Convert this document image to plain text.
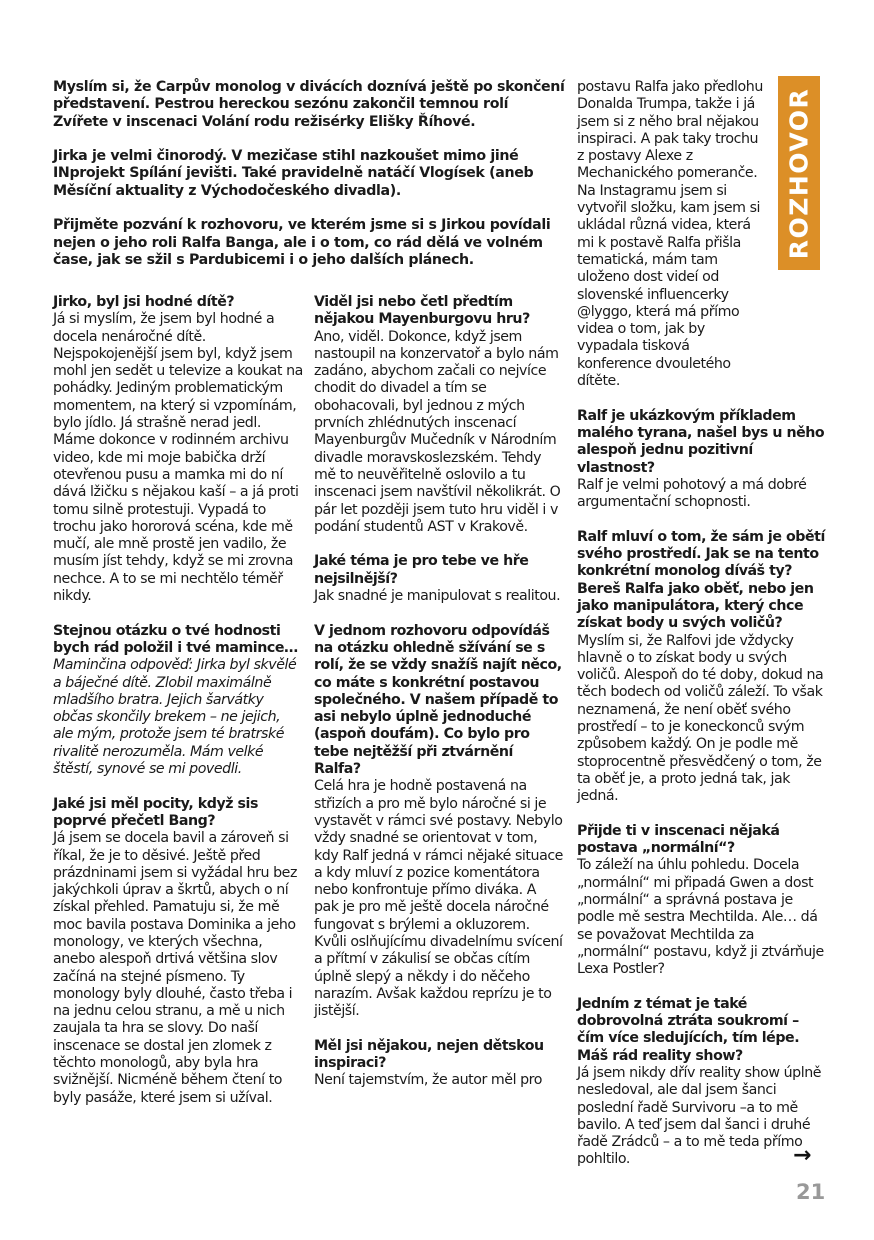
ROZHOVOR

Myslím si, že Carpův monolog v divácích doznívá ještě po skončení představení. Pestrou hereckou sezónu zakončil temnou rolí Zvířete v inscenaci Volání rodu režisérky Elišky Říhové.

Jirka je velmi činorodý. V mezičase stihl nazkoušet mimo jiné INprojekt Spílání jevišti. Také pravidelně natáčí Vlogísek (aneb Měsíční aktuality z Východočeského divadla).

Přijměte pozvání k rozhovoru, ve kterém jsme si s Jirkou povídali nejen o jeho roli Ralfa Banga, ale i o tom, co rád dělá ve volném čase, jak se sžil s Pardubicemi i o jeho dalších plánech.

Jirko, byl jsi hodné dítě?

Já si myslím, že jsem byl hodné a docela nenáročné dítě. Nejspokojenější jsem byl, když jsem mohl jen sedět u televize a koukat na pohádky. Jediným problematickým momentem, na který si vzpomínám, bylo jídlo. Já strašně nerad jedl. Máme dokonce v rodinném archivu video, kde mi moje babička drží otevřenou pusu a mamka mi do ní dává lžičku s nějakou kaší – a já proti tomu silně protestuji. Vypadá to trochu jako hororová scéna, kde mě mučí, ale mně prostě jen vadilo, že musím jíst tehdy, když se mi zrovna nechce. A to se mi nechtělo téměř nikdy.

Stejnou otázku o tvé hodnosti bych rád položil i tvé mamince…

Maminčina odpověď: Jirka byl skvělé a báječné dítě. Zlobil maximálně mladšího bratra. Jejich šarvátky občas skončily brekem – ne jejich, ale mým, protože jsem té bratrské rivalitě nerozuměla. Mám velké štěstí, synové se mi povedli.

Jaké jsi měl pocity, když sis poprvé přečetl Bang?

Já jsem se docela bavil a zároveň si říkal, že je to děsivé. Ještě před prázdninami jsem si vyžádal hru bez jakýchkoli úprav a škrtů, abych o ní získal přehled. Pamatuju si, že mě moc bavila postava Dominika a jeho monology, ve kterých všechna, anebo alespoň drtivá většina slov začíná na stejné písmeno. Ty monology byly dlouhé, často třeba i na jednu celou stranu, a mě u nich zaujala ta hra se slovy. Do naší inscenace se dostal jen zlomek z těchto monologů, aby byla hra svižnější. Nicméně během čtení to byly pasáže, které jsem si užíval.

Viděl jsi nebo četl předtím nějakou Mayenburgovu hru?

Ano, viděl. Dokonce, když jsem nastoupil na konzervatoř a bylo nám zadáno, abychom začali co nejvíce chodit do divadel a tím se obohacovali, byl jednou z mých prvních zhlédnutých inscenací Mayenburgův Mučedník v Národním divadle moravskoslezském. Tehdy mě to neuvěřitelně oslovilo a tu inscenaci jsem navštívil několikrát. O pár let později jsem tuto hru viděl i v podání studentů AST v Krakově.

Jaké téma je pro tebe ve hře nejsilnější?

Jak snadné je manipulovat s realitou.

V jednom rozhovoru odpovídáš na otázku ohledně sžívání se s rolí, že se vždy snažíš najít něco, co máte s konkrétní postavou společného. V našem případě to asi nebylo úplně jednoduché (aspoň doufám). Co bylo pro tebe nejtěžší při ztvárnění Ralfa?

Celá hra je hodně postavená na střizích a pro mě bylo náročné si je vystavět v rámci své postavy. Nebylo vždy snadné se orientovat v tom, kdy Ralf jedná v rámci nějaké situace a kdy mluví z pozice komentátora nebo konfrontuje přímo diváka. A pak je pro mě ještě docela náročné fungovat s brýlemi a okluzorem. Kvůli oslňujícímu divadelnímu svícení a přítmí v zákulisí se občas cítím úplně slepý a někdy i do něčeho narazím. Avšak každou reprízu je to jistější.

Měl jsi nějakou, nejen dětskou inspiraci?

Není tajemstvím, že autor měl pro

postavu Ralfa jako předlohu Donalda Trumpa, takže i já jsem si z něho bral nějakou inspiraci. A pak taky trochu z postavy Alexe z Mechanického pomeranče. Na Instagramu jsem si vytvořil složku, kam jsem si ukládal různá videa, která mi k postavě Ralfa přišla tematická, mám tam uloženo dost videí od slovenské influencerky @lyggo, která má přímo videa o tom, jak by vypadala tisková konference dvouletého dítěte.

Ralf je ukázkovým příkladem malého tyrana, našel bys u něho alespoň jednu pozitivní vlastnost?

Ralf je velmi pohotový a má dobré argumentační schopnosti.

Ralf mluví o tom, že sám je obětí svého prostředí. Jak se na tento konkrétní monolog díváš ty? Bereš Ralfa jako oběť, nebo jen jako manipulátora, který chce získat body u svých voličů?

Myslím si, že Ralfovi jde vždycky hlavně o to získat body u svých voličů. Alespoň do té doby, dokud na těch bodech od voličů záleží. To však neznamená, že není oběť svého prostředí – to je koneckonců svým způsobem každý. On je podle mě stoprocentně přesvědčený o tom, že ta oběť je, a proto jedná tak, jak jedná.

Přijde ti v inscenaci nějaká postava „normální“?

To záleží na úhlu pohledu. Docela „normální“ mi připadá Gwen a dost „normální“ a správná postava je podle mě sestra Mechtilda. Ale… dá se považovat Mechtilda za „normální“ postavu, když ji ztvárňuje Lexa Postler?

Jedním z témat je také dobrovolná ztráta soukromí – čím více sledujících, tím lépe. Máš rád reality show?

Já jsem nikdy dřív reality show úplně nesledoval, ale dal jsem šanci poslední řadě Survivoru –a to mě bavilo. A teď jsem dal šanci i druhé řadě Zrádců – a to mě teda přímo pohltilo.	→
21
